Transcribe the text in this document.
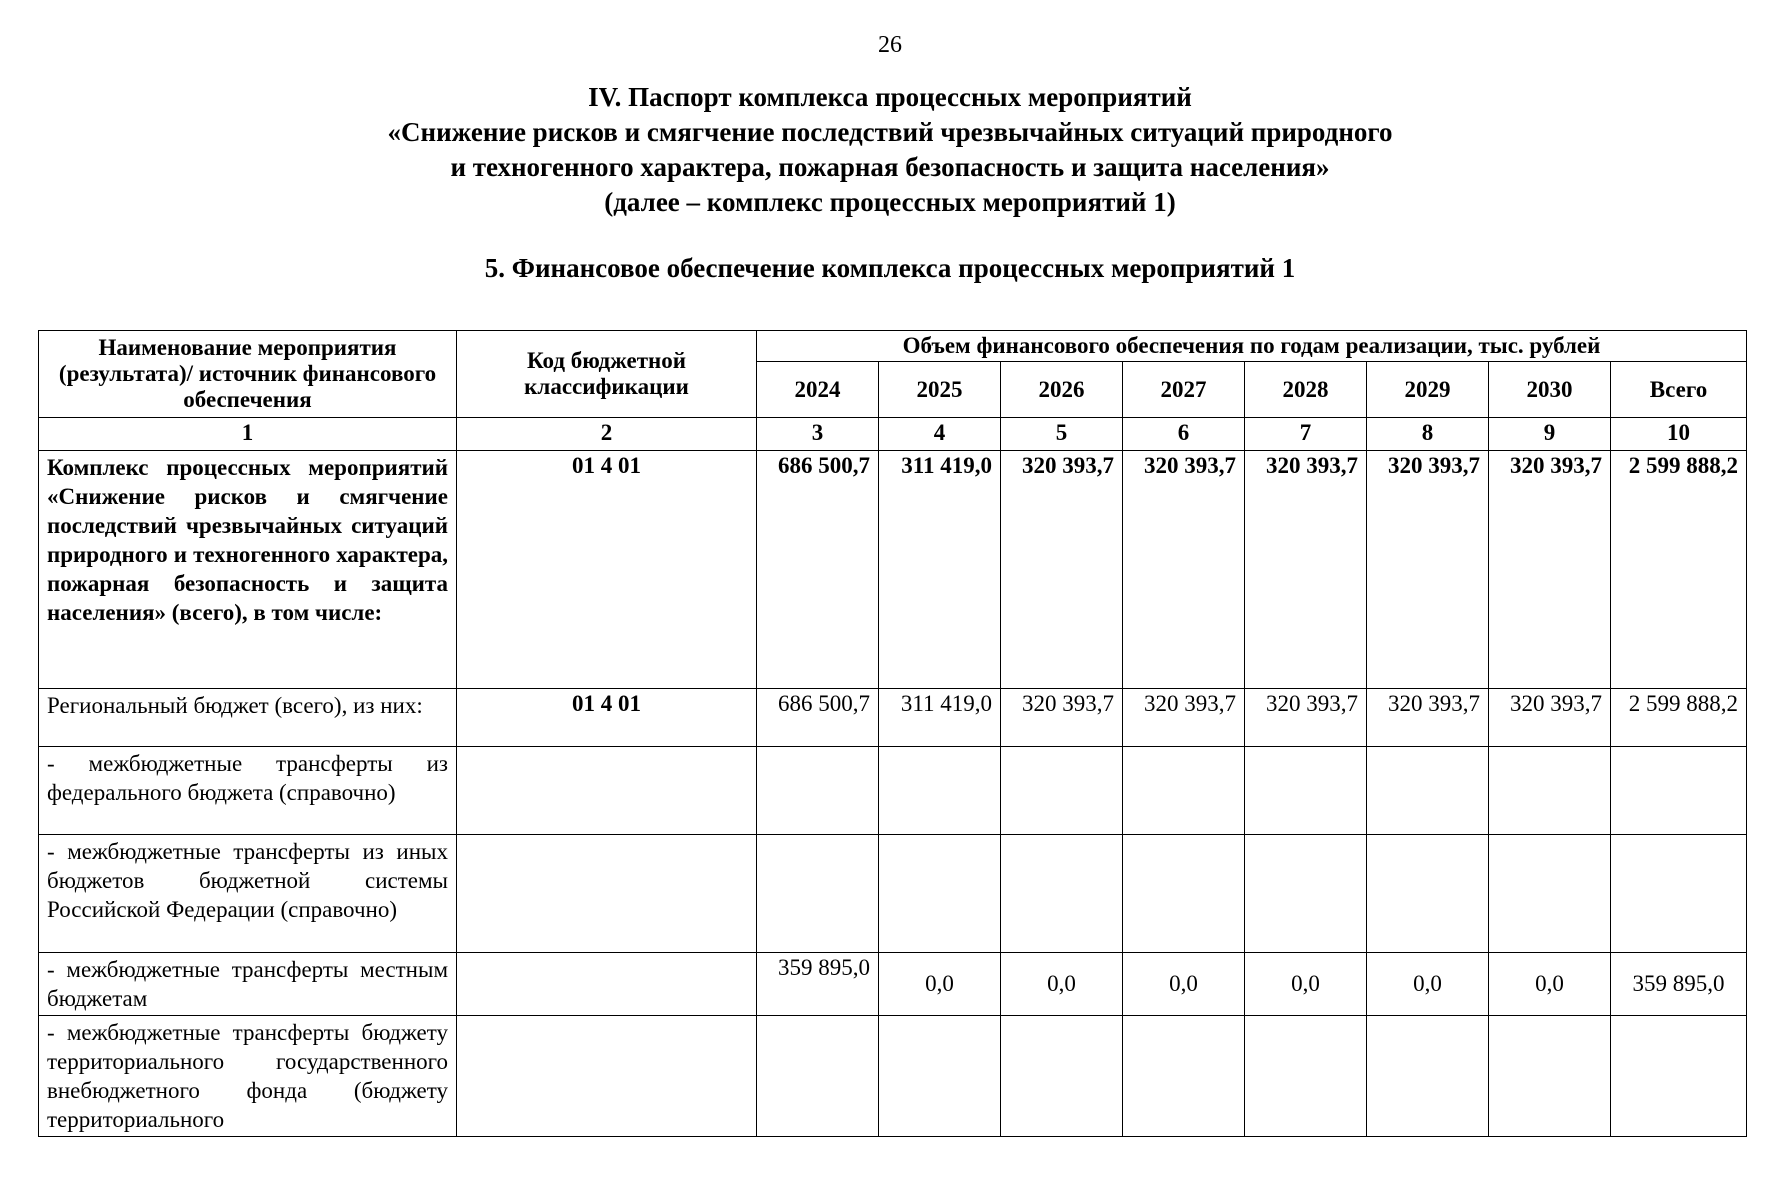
26
IV. Паспорт комплекса процессных мероприятий
«Снижение рисков и смягчение последствий чрезвычайных ситуаций природного
и техногенного характера, пожарная безопасность и защита населения»
(далее – комплекс процессных мероприятий 1)
5. Финансовое обеспечение комплекса процессных мероприятий 1
Наименование мероприятия (результата)/ источник финансового обеспечения	Код бюджетной классификации	Объем финансового обеспечения по годам реализации, тыс. рублей							
		2024	2025	2026	2027	2028	2029	2030	Всего
1	2	3	4	5	6	7	8	9	10
Комплекс процессных мероприятий «Снижение рисков и смягчение последствий чрезвычайных ситуаций природного и техногенного характера, пожарная безопасность и защита населения» (всего), в том числе:	01 4 01	686 500,7	311 419,0	320 393,7	320 393,7	320 393,7	320 393,7	320 393,7	2 599 888,2
Региональный бюджет (всего), из них:	01 4 01	686 500,7	311 419,0	320 393,7	320 393,7	320 393,7	320 393,7	320 393,7	2 599 888,2
- межбюджетные трансферты из федерального бюджета (справочно)									
- межбюджетные трансферты из иных бюджетов бюджетной системы Российской Федерации (справочно)									
- межбюджетные трансферты местным бюджетам		359 895,0	0,0	0,0	0,0	0,0	0,0	0,0	359 895,0
- межбюджетные трансферты бюджету территориального государственного внебюджетного фонда (бюджету территориального									
